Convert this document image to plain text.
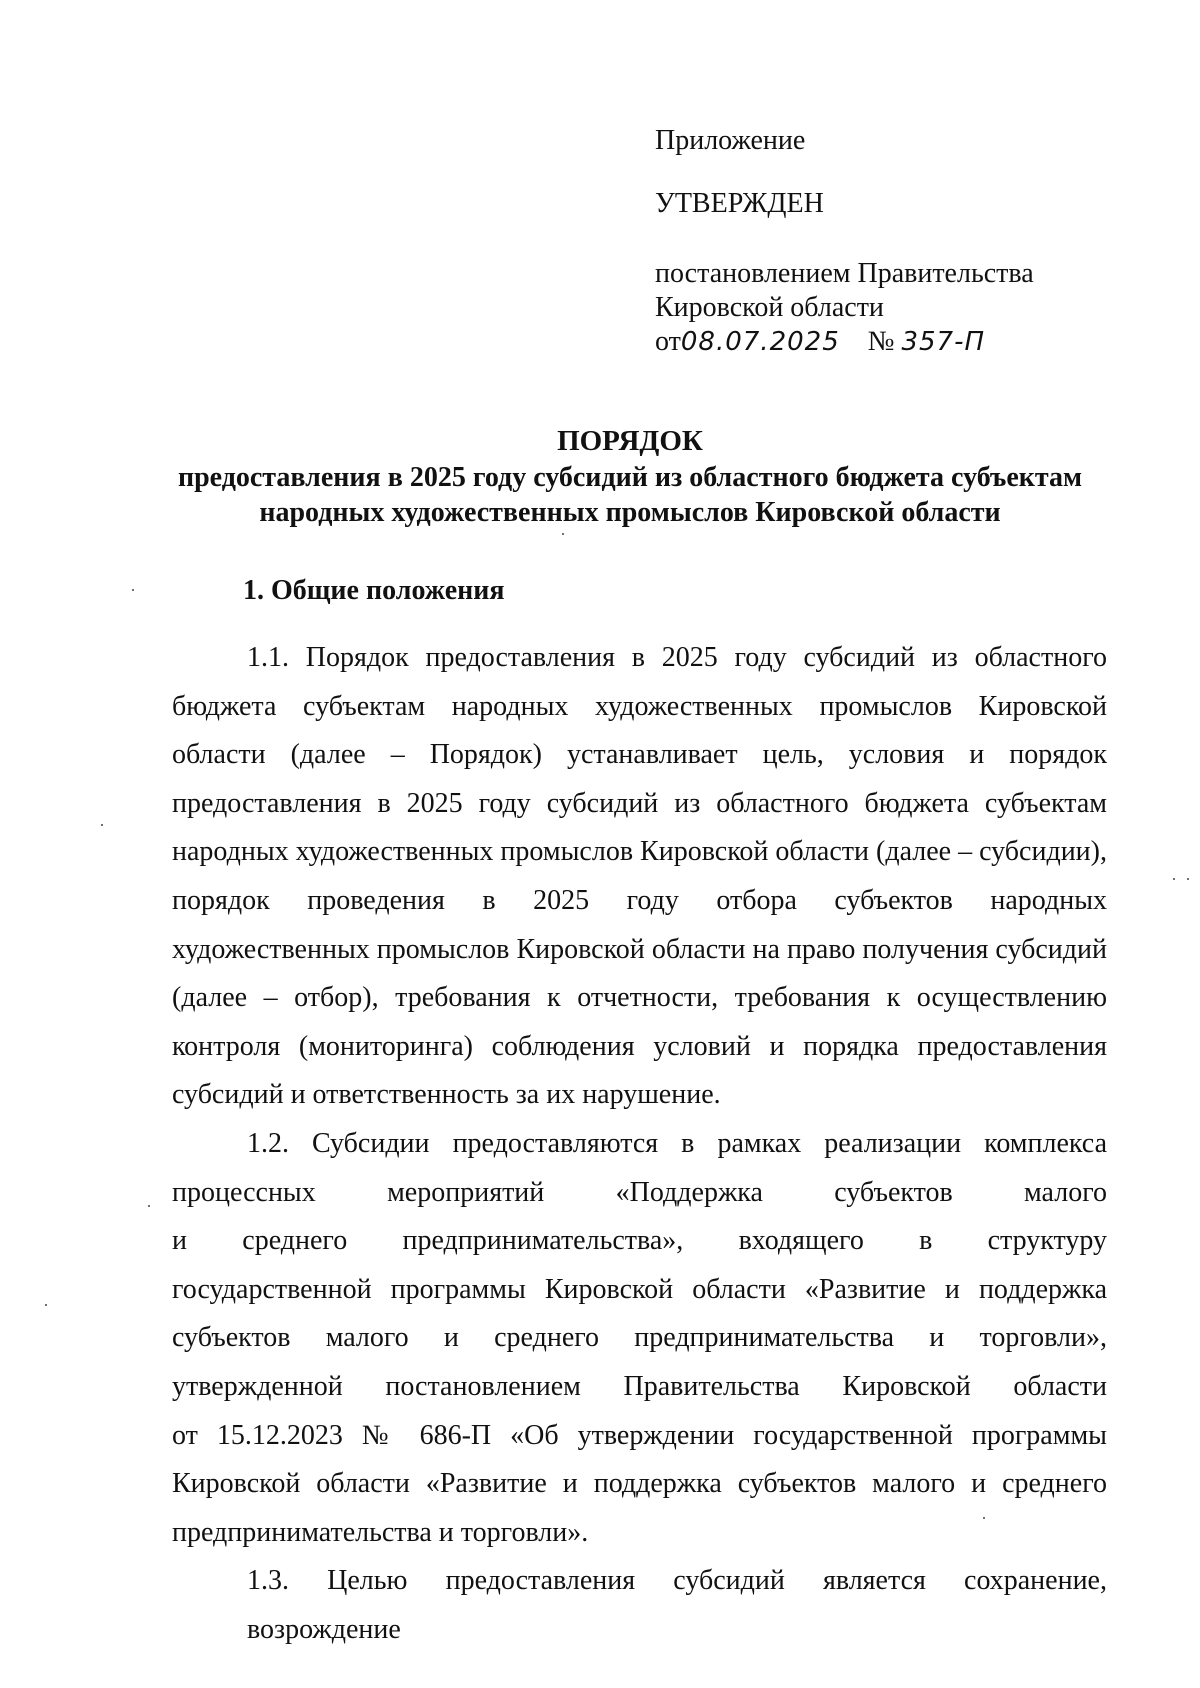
Приложение
УТВЕРЖДЕН
постановлением Правительства
Кировской области
от08.07.2025 № 357-П
ПОРЯДОК
предоставления в 2025 году субсидий из областного бюджета субъектам
народных художественных промыслов Кировской области
1. Общие положения
1.1. Порядок предоставления в 2025 году субсидий из областного
бюджета субъектам народных художественных промыслов Кировской
области (далее – Порядок) устанавливает цель, условия и порядок
предоставления в 2025 году субсидий из областного бюджета субъектам
народных художественных промыслов Кировской области (далее – субсидии),
порядок проведения в 2025 году отбора субъектов народных
художественных промыслов Кировской области на право получения субсидий
(далее – отбор), требования к отчетности, требования к осуществлению
контроля (мониторинга) соблюдения условий и порядка предоставления
субсидий и ответственность за их нарушение.
1.2. Субсидии предоставляются в рамках реализации комплекса
процессных мероприятий «Поддержка субъектов малого
и среднего предпринимательства», входящего в структуру
государственной программы Кировской области «Развитие и поддержка
субъектов малого и среднего предпринимательства и торговли»,
утвержденной постановлением Правительства Кировской области
от 15.12.2023 № 686-П «Об утверждении государственной программы
Кировской области «Развитие и поддержка субъектов малого и среднего
предпринимательства и торговли».
1.3. Целью предоставления субсидий является сохранение, возрождение
